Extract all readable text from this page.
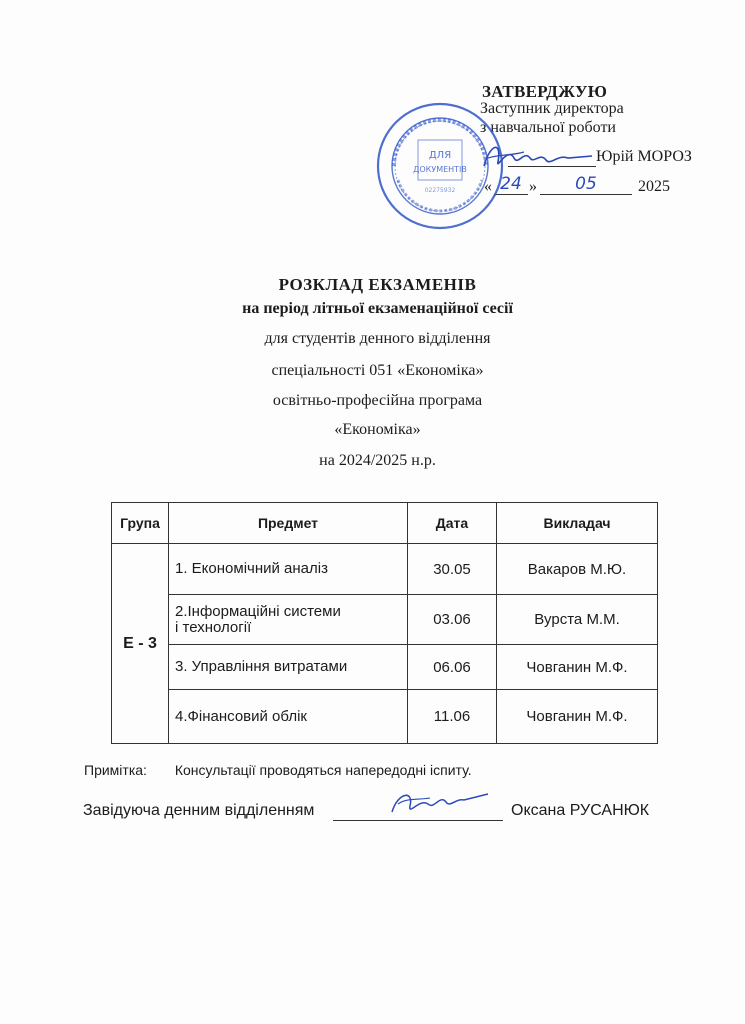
ЗАТВЕРДЖУЮ
Заступник директора
з навчальної роботи
Юрій МОРОЗ
« 24 »	05	2025
ДЛЯ
ДОКУМЕНТІВ
02275932
РОЗКЛАД ЕКЗАМЕНІВ
на період літньої екзаменаційної сесії
для студентів денного відділення
спеціальності 051 «Економіка»
освітньо-професійна програма
«Економіка»
на 2024/2025 н.р.
Група	Предмет	Дата	Викладач
Е - 3	1. Економічний аналіз	30.05	Вакаров М.Ю.
	2.Інформаційні системи і технології	03.06	Вурста М.М.
	3. Управління витратами	06.06	Човганин М.Ф.
	4.Фінансовий облік	11.06	Човганин М.Ф.
Примітка: Консультації проводяться напередодні іспиту.
Завідуюча денним відділенням	Оксана РУСАНЮК
